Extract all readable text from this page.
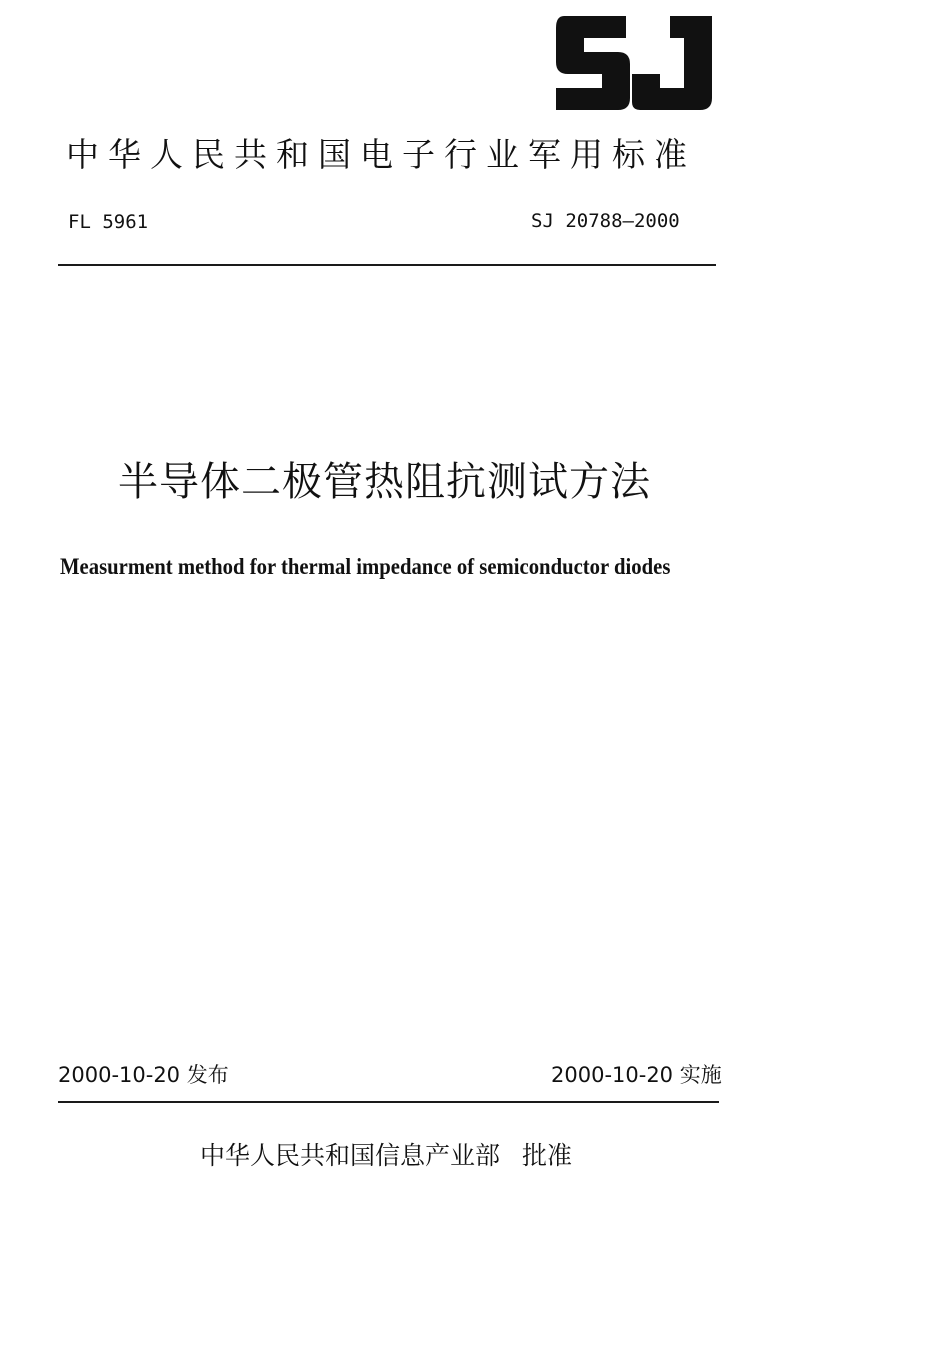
中华人民共和国电子行业军用标准
FL 5961	SJ 20788—2000
半导体二极管热阻抗测试方法
Measurment method for thermal impedance of semiconductor diodes
2000-10-20 发布	2000-10-20 实施
中华人民共和国信息产业部 批准
